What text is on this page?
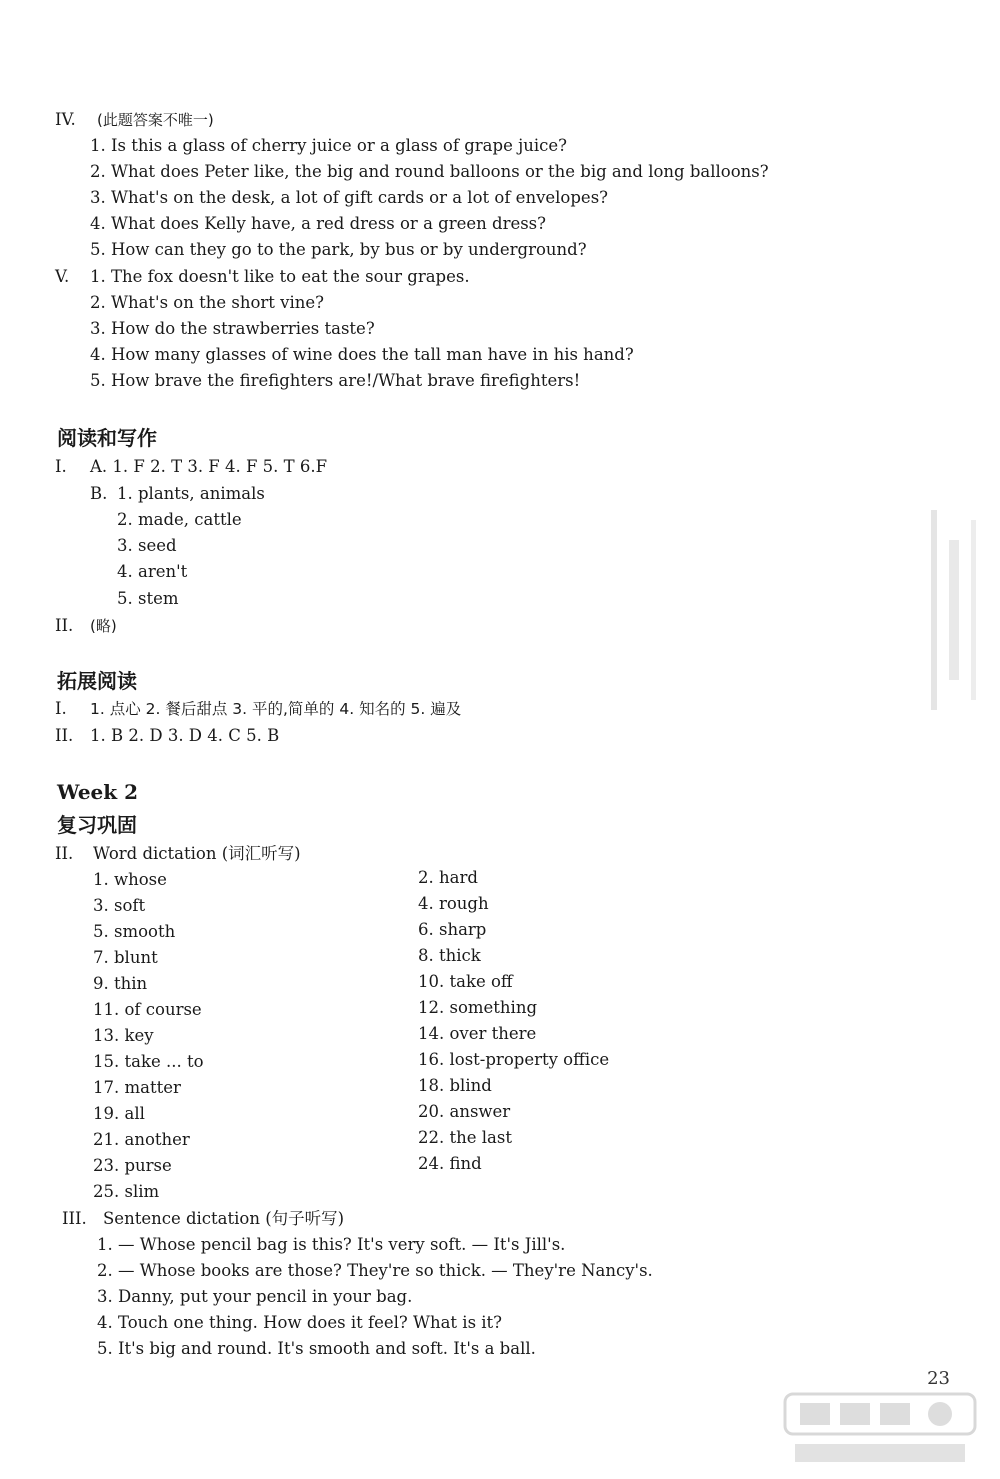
IV. (此题答案不唯一)
1. Is this a glass of cherry juice or a glass of grape juice?
2. What does Peter like, the big and round balloons or the big and long balloons?
3. What's on the desk, a lot of gift cards or a lot of envelopes?
4. What does Kelly have, a red dress or a green dress?
5. How can they go to the park, by bus or by underground?
V. 1. The fox doesn't like to eat the sour grapes.
2. What's on the short vine?
3. How do the strawberries taste?
4. How many glasses of wine does the tall man have in his hand?
5. How brave the firefighters are!/What brave firefighters!
阅读和写作
I. A. 1. F 2. T 3. F 4. F 5. T 6.F
B. 1. plants, animals
2. made, cattle
3. seed
4. aren't
5. stem
II. (略)
拓展阅读
I. 1. 点心 2. 餐后甜点 3. 平的,简单的 4. 知名的 5. 遍及
II. 1. B 2. D 3. D 4. C 5. B
Week 2
复习巩固
II. Word dictation (词汇听写)
1. whose
3. soft
5. smooth
7. blunt
9. thin
11. of course
13. key
15. take ... to
17. matter
19. all
21. another
23. purse
25. slim
2. hard
4. rough
6. sharp
8. thick
10. take off
12. something
14. over there
16. lost-property office
18. blind
20. answer
22. the last
24. find
III. Sentence dictation (句子听写)
1. — Whose pencil bag is this? It's very soft. — It's Jill's.
2. — Whose books are those? They're so thick. — They're Nancy's.
3. Danny, put your pencil in your bag.
4. Touch one thing. How does it feel? What is it?
5. It's big and round. It's smooth and soft. It's a ball.
23
